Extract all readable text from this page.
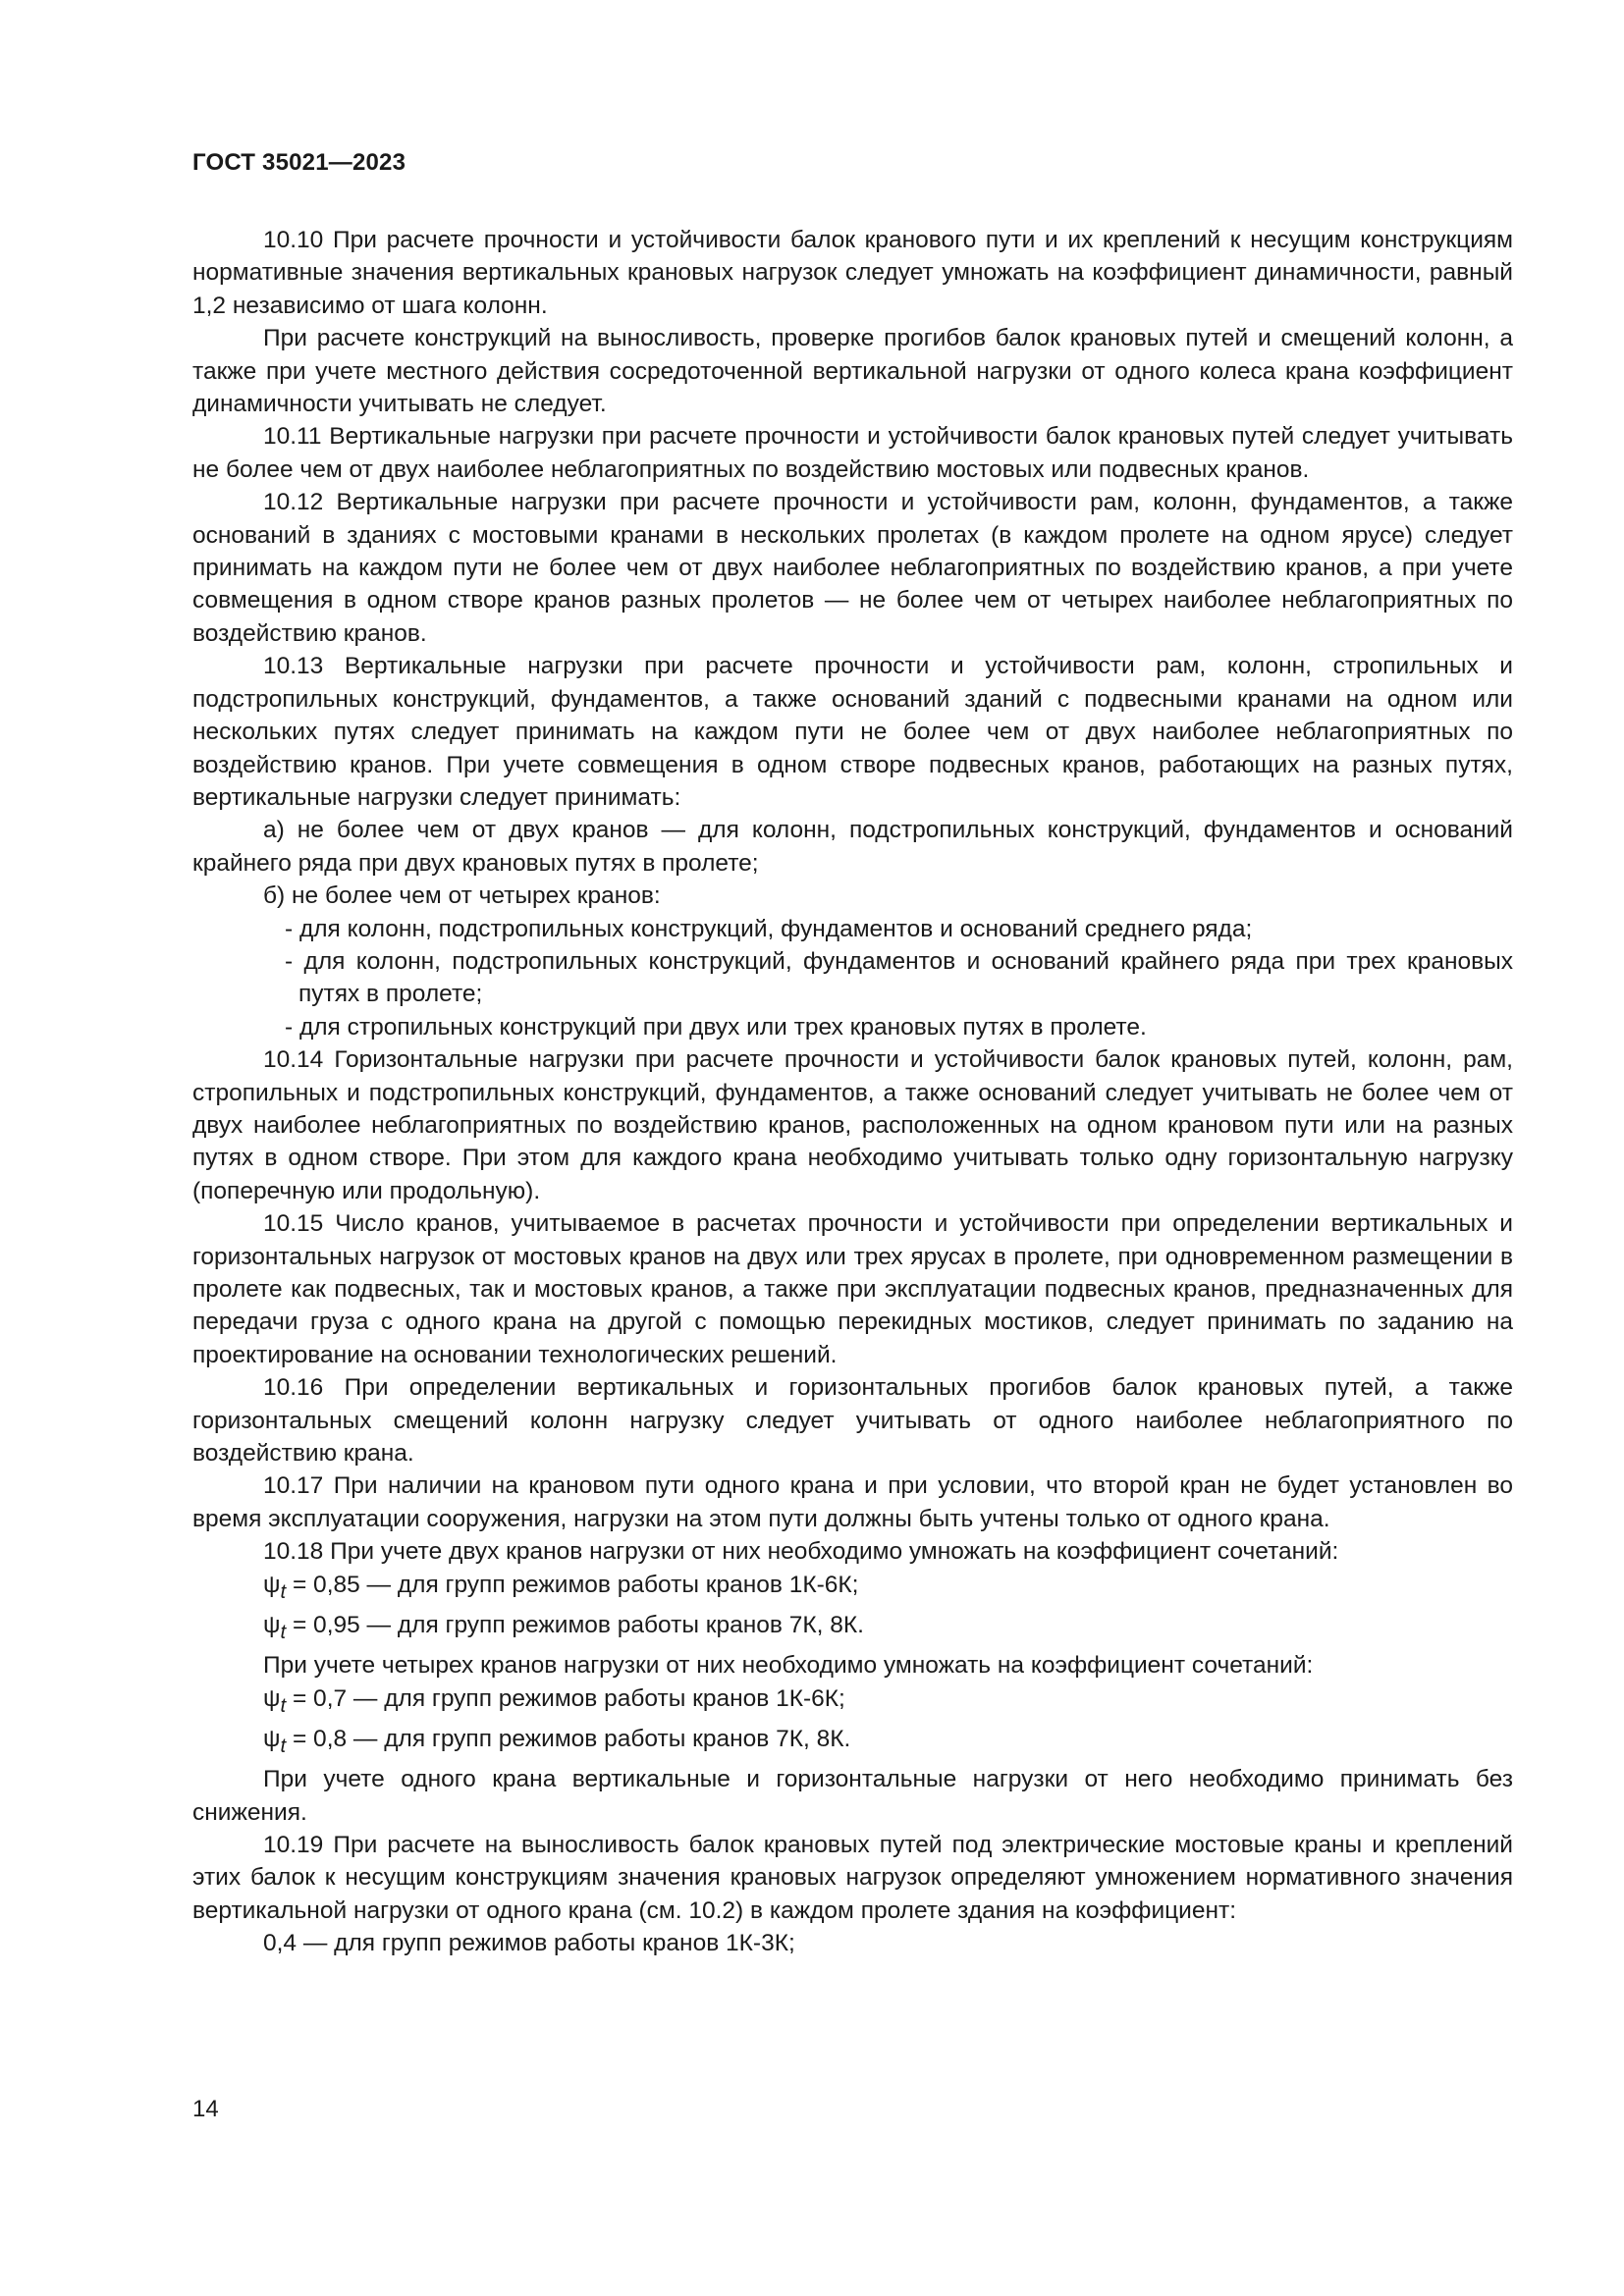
ГОСТ 35021—2023

10.10 При расчете прочности и устойчивости балок кранового пути и их креплений к несущим конструкциям нормативные значения вертикальных крановых нагрузок следует умножать на коэффициент динамичности, равный 1,2 независимо от шага колонн.

При расчете конструкций на выносливость, проверке прогибов балок крановых путей и смещений колонн, а также при учете местного действия сосредоточенной вертикальной нагрузки от одного колеса крана коэффициент динамичности учитывать не следует.

10.11 Вертикальные нагрузки при расчете прочности и устойчивости балок крановых путей следует учитывать не более чем от двух наиболее неблагоприятных по воздействию мостовых или подвесных кранов.

10.12 Вертикальные нагрузки при расчете прочности и устойчивости рам, колонн, фундаментов, а также оснований в зданиях с мостовыми кранами в нескольких пролетах (в каждом пролете на одном ярусе) следует принимать на каждом пути не более чем от двух наиболее неблагоприятных по воздействию кранов, а при учете совмещения в одном створе кранов разных пролетов — не более чем от четырех наиболее неблагоприятных по воздействию кранов.

10.13 Вертикальные нагрузки при расчете прочности и устойчивости рам, колонн, стропильных и подстропильных конструкций, фундаментов, а также оснований зданий с подвесными кранами на одном или нескольких путях следует принимать на каждом пути не более чем от двух наиболее неблагоприятных по воздействию кранов. При учете совмещения в одном створе подвесных кранов, работающих на разных путях, вертикальные нагрузки следует принимать:

а) не более чем от двух кранов — для колонн, подстропильных конструкций, фундаментов и оснований крайнего ряда при двух крановых путях в пролете;

б) не более чем от четырех кранов:

- для колонн, подстропильных конструкций, фундаментов и оснований среднего ряда;

- для колонн, подстропильных конструкций, фундаментов и оснований крайнего ряда при трех крановых путях в пролете;

- для стропильных конструкций при двух или трех крановых путях в пролете.

10.14 Горизонтальные нагрузки при расчете прочности и устойчивости балок крановых путей, колонн, рам, стропильных и подстропильных конструкций, фундаментов, а также оснований следует учитывать не более чем от двух наиболее неблагоприятных по воздействию кранов, расположенных на одном крановом пути или на разных путях в одном створе. При этом для каждого крана необходимо учитывать только одну горизонтальную нагрузку (поперечную или продольную).

10.15 Число кранов, учитываемое в расчетах прочности и устойчивости при определении вертикальных и горизонтальных нагрузок от мостовых кранов на двух или трех ярусах в пролете, при одновременном размещении в пролете как подвесных, так и мостовых кранов, а также при эксплуатации подвесных кранов, предназначенных для передачи груза с одного крана на другой с помощью перекидных мостиков, следует принимать по заданию на проектирование на основании технологических решений.

10.16 При определении вертикальных и горизонтальных прогибов балок крановых путей, а также горизонтальных смещений колонн нагрузку следует учитывать от одного наиболее неблагоприятного по воздействию крана.

10.17 При наличии на крановом пути одного крана и при условии, что второй кран не будет установлен во время эксплуатации сооружения, нагрузки на этом пути должны быть учтены только от одного крана.

10.18 При учете двух кранов нагрузки от них необходимо умножать на коэффициент сочетаний:

$\psi_t = 0,85$ — для групп режимов работы кранов 1К-6К;

$\psi_t = 0,95$ — для групп режимов работы кранов 7К, 8К.

При учете четырех кранов нагрузки от них необходимо умножать на коэффициент сочетаний:

$\psi_t = 0,7$ — для групп режимов работы кранов 1К-6К;

$\psi_t = 0,8$ — для групп режимов работы кранов 7К, 8К.

При учете одного крана вертикальные и горизонтальные нагрузки от него необходимо принимать без снижения.

10.19 При расчете на выносливость балок крановых путей под электрические мостовые краны и креплений этих балок к несущим конструкциям значения крановых нагрузок определяют умножением нормативного значения вертикальной нагрузки от одного крана (см. 10.2) в каждом пролете здания на коэффициент:

0,4 — для групп режимов работы кранов 1К-3К;

14
